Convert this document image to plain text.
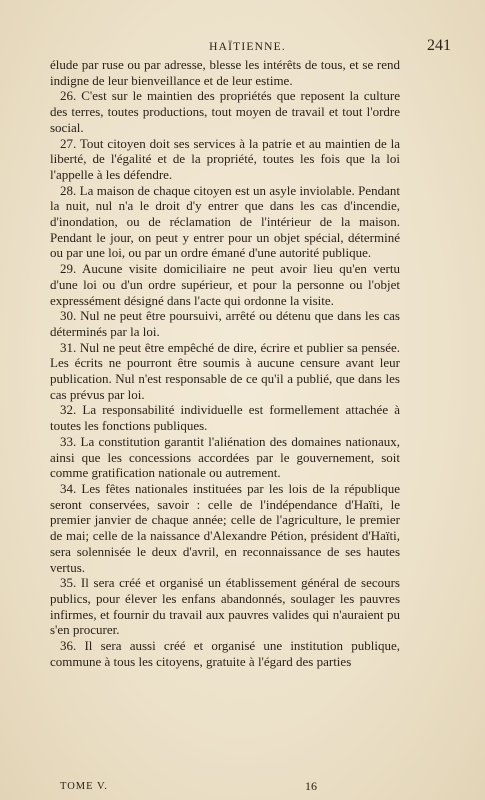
HAÏTIENNE.	241

élude par ruse ou par adresse, blesse les intérêts de tous, et se rend indigne de leur bienveillance et de leur estime.

26. C'est sur le maintien des propriétés que reposent la culture des terres, toutes productions, tout moyen de travail et tout l'ordre social.

27. Tout citoyen doit ses services à la patrie et au maintien de la liberté, de l'égalité et de la propriété, toutes les fois que la loi l'appelle à les défendre.

28. La maison de chaque citoyen est un asyle inviolable. Pendant la nuit, nul n'a le droit d'y entrer que dans les cas d'incendie, d'inondation, ou de réclamation de l'intérieur de la maison. Pendant le jour, on peut y entrer pour un objet spécial, déterminé ou par une loi, ou par un ordre émané d'une autorité publique.

29. Aucune visite domiciliaire ne peut avoir lieu qu'en vertu d'une loi ou d'un ordre supérieur, et pour la personne ou l'objet expressément désigné dans l'acte qui ordonne la visite.

30. Nul ne peut être poursuivi, arrêté ou détenu que dans les cas déterminés par la loi.

31. Nul ne peut être empêché de dire, écrire et publier sa pensée. Les écrits ne pourront être soumis à aucune censure avant leur publication. Nul n'est responsable de ce qu'il a publié, que dans les cas prévus par loi.

32. La responsabilité individuelle est formellement attachée à toutes les fonctions publiques.

33. La constitution garantit l'aliénation des domaines nationaux, ainsi que les concessions accordées par le gouvernement, soit comme gratification nationale ou autrement.

34. Les fêtes nationales instituées par les lois de la république seront conservées, savoir : celle de l'indépendance d'Haïti, le premier janvier de chaque année; celle de l'agriculture, le premier de mai; celle de la naissance d'Alexandre Pétion, président d'Haïti, sera solennisée le deux d'avril, en reconnaissance de ses hautes vertus.

35. Il sera créé et organisé un établissement général de secours publics, pour élever les enfans abandonnés, soulager les pauvres infirmes, et fournir du travail aux pauvres valides qui n'auraient pu s'en procurer.

36. Il sera aussi créé et organisé une institution publique, commune à tous les citoyens, gratuite à l'égard des parties

TOME V.	16
